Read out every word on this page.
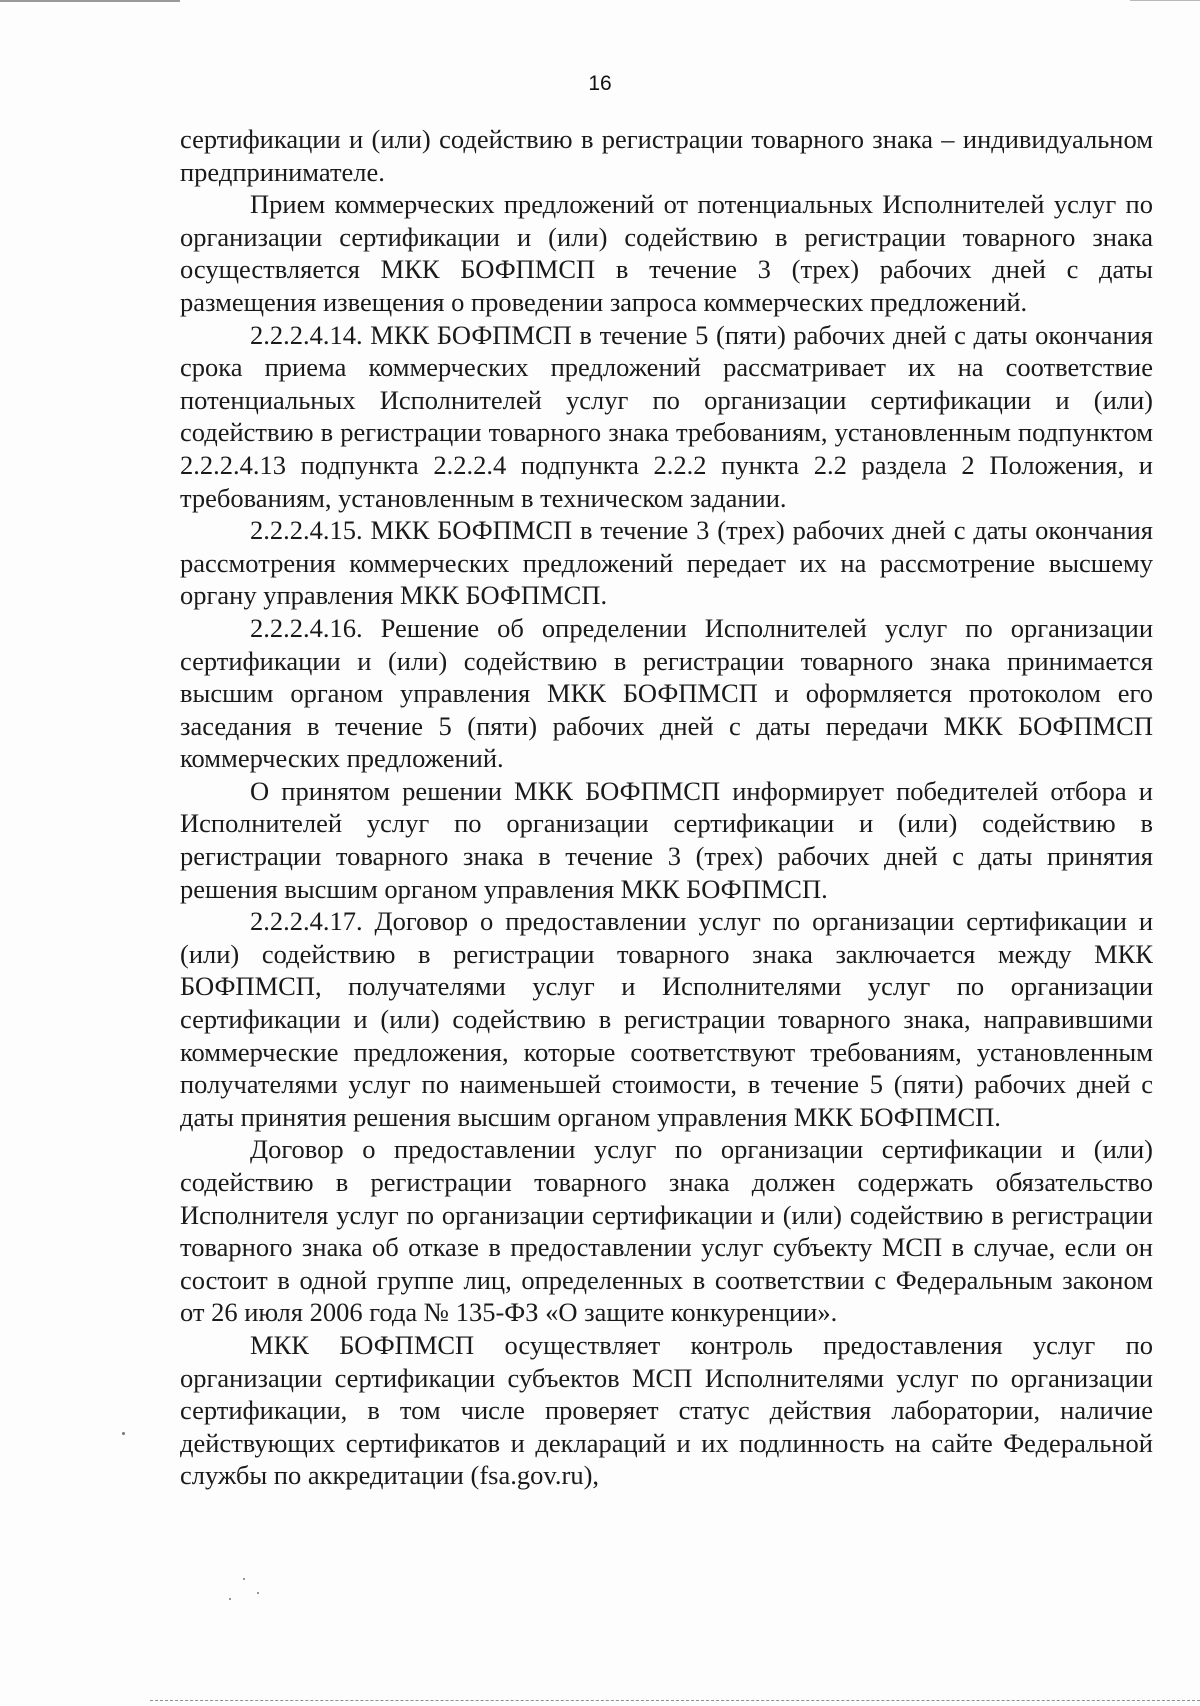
16

сертификации и (или) содействию в регистрации товарного знака – индивидуальном предпринимателе.

Прием коммерческих предложений от потенциальных Исполнителей услуг по организации сертификации и (или) содействию в регистрации товарного знака осуществляется МКК БОФПМСП в течение 3 (трех) рабочих дней с даты размещения извещения о проведении запроса коммерческих предложений.

2.2.2.4.14. МКК БОФПМСП в течение 5 (пяти) рабочих дней с даты окончания срока приема коммерческих предложений рассматривает их на соответствие потенциальных Исполнителей услуг по организации сертификации и (или) содействию в регистрации товарного знака требованиям, установленным подпунктом 2.2.2.4.13 подпункта 2.2.2.4 подпункта 2.2.2 пункта 2.2 раздела 2 Положения, и требованиям, установленным в техническом задании.

2.2.2.4.15. МКК БОФПМСП в течение 3 (трех) рабочих дней с даты окончания рассмотрения коммерческих предложений передает их на рассмотрение высшему органу управления МКК БОФПМСП.

2.2.2.4.16. Решение об определении Исполнителей услуг по организации сертификации и (или) содействию в регистрации товарного знака принимается высшим органом управления МКК БОФПМСП и оформляется протоколом его заседания в течение 5 (пяти) рабочих дней с даты передачи МКК БОФПМСП коммерческих предложений.

О принятом решении МКК БОФПМСП информирует победителей отбора и Исполнителей услуг по организации сертификации и (или) содействию в регистрации товарного знака в течение 3 (трех) рабочих дней с даты принятия решения высшим органом управления МКК БОФПМСП.

2.2.2.4.17. Договор о предоставлении услуг по организации сертификации и (или) содействию в регистрации товарного знака заключается между МКК БОФПМСП, получателями услуг и Исполнителями услуг по организации сертификации и (или) содействию в регистрации товарного знака, направившими коммерческие предложения, которые соответствуют требованиям, установленным получателями услуг по наименьшей стоимости, в течение 5 (пяти) рабочих дней с даты принятия решения высшим органом управления МКК БОФПМСП.

Договор о предоставлении услуг по организации сертификации и (или) содействию в регистрации товарного знака должен содержать обязательство Исполнителя услуг по организации сертификации и (или) содействию в регистрации товарного знака об отказе в предоставлении услуг субъекту МСП в случае, если он состоит в одной группе лиц, определенных в соответствии с Федеральным законом от 26 июля 2006 года № 135-ФЗ «О защите конкуренции».

МКК БОФПМСП осуществляет контроль предоставления услуг по организации сертификации субъектов МСП Исполнителями услуг по организации сертификации, в том числе проверяет статус действия лаборатории, наличие действующих сертификатов и деклараций и их подлинность на сайте Федеральной службы по аккредитации (fsa.gov.ru),
